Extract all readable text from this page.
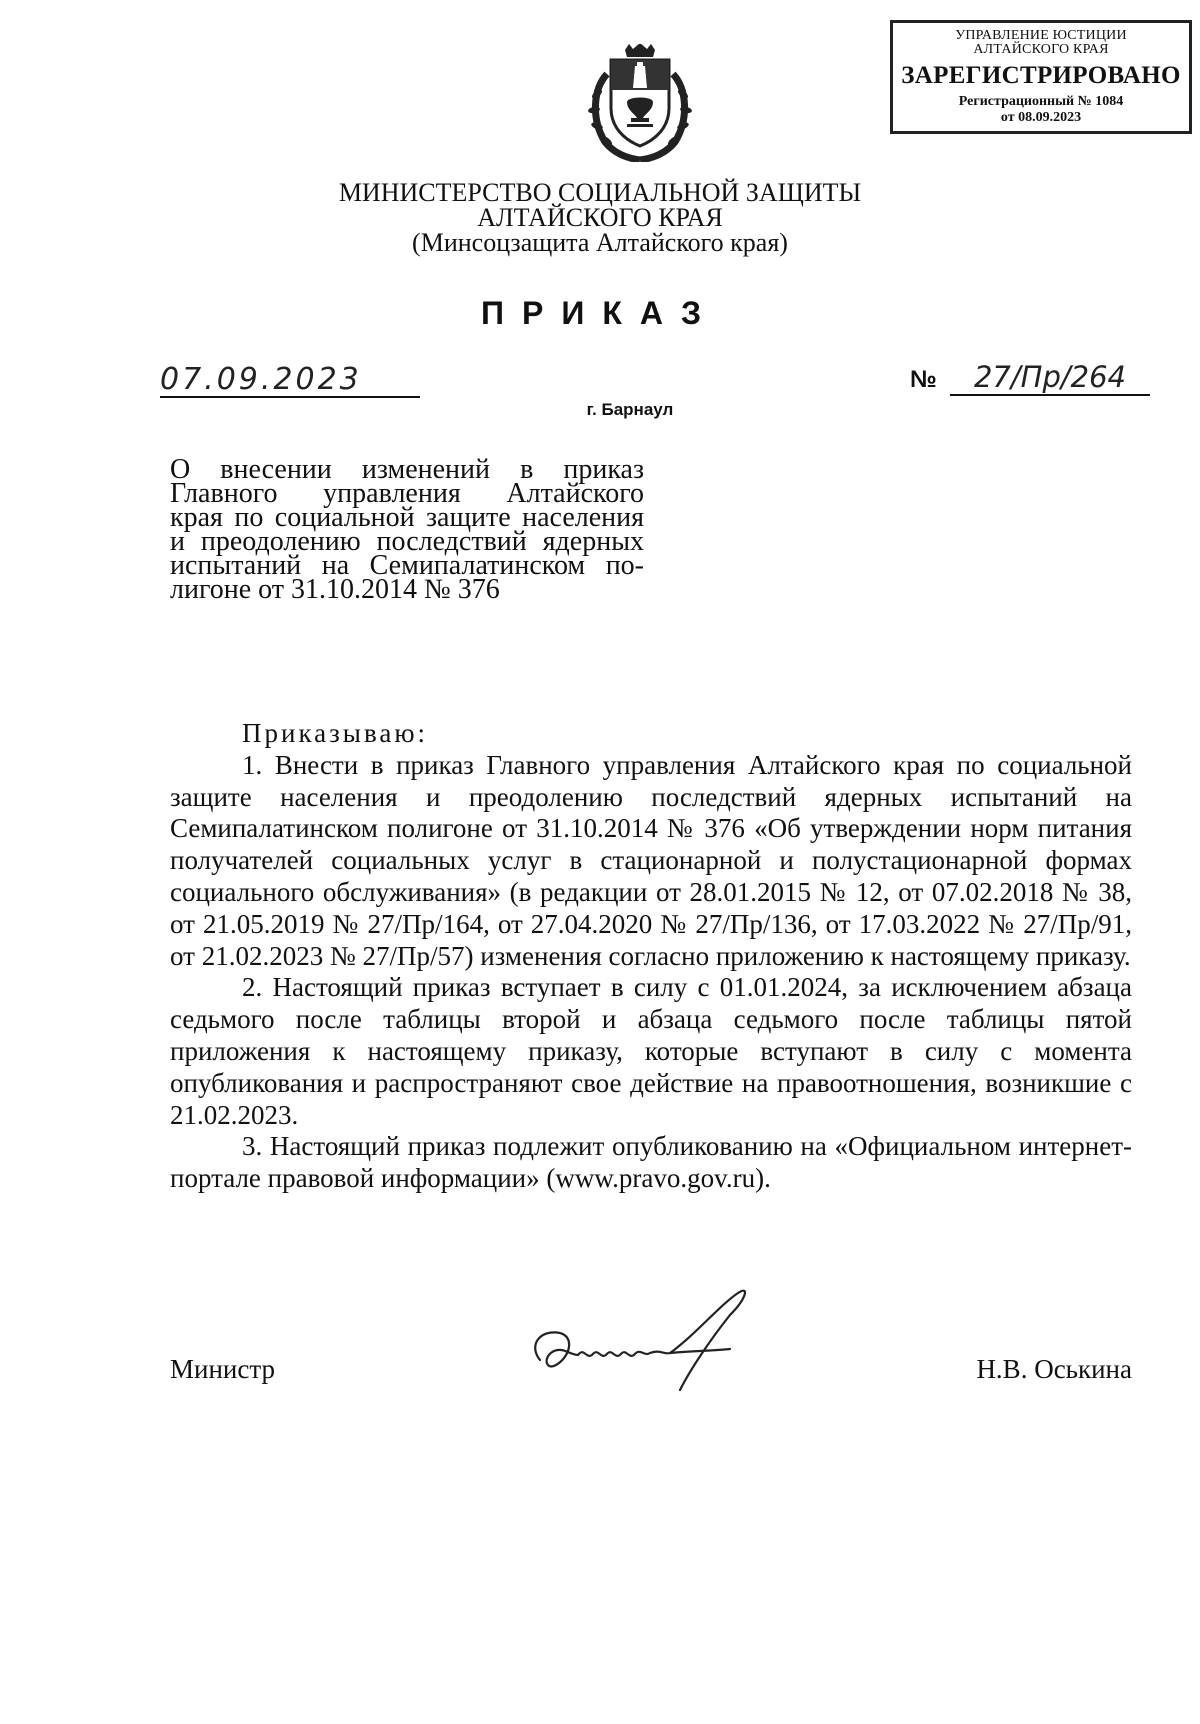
УПРАВЛЕНИЕ ЮСТИЦИИ
АЛТАЙСКОГО КРАЯ
ЗАРЕГИСТРИРОВАНО
Регистрационный № 1084
от 08.09.2023
МИНИСТЕРСТВО СОЦИАЛЬНОЙ ЗАЩИТЫ
АЛТАЙСКОГО КРАЯ
(Минсоцзащита Алтайского края)
ПРИКАЗ
07.09.2023	№	27/Пр/264
г. Барнаул
О внесении изменений в приказ
Главного управления Алтайского
края по социальной защите населения
и преодолению последствий ядерных
испытаний на Семипалатинском по-
лигоне от 31.10.2014 № 376
Приказываю:

1. Внести в приказ Главного управления Алтайского края по социальной защите населения и преодолению последствий ядерных испытаний на Семипалатинском полигоне от 31.10.2014 № 376 «Об утверждении норм питания получателей социальных услуг в стационарной и полустационарной формах социального обслуживания» (в редакции от 28.01.2015 № 12, от 07.02.2018 № 38, от 21.05.2019 № 27/Пр/164, от 27.04.2020 № 27/Пр/136, от 17.03.2022 № 27/Пр/91, от 21.02.2023 № 27/Пр/57) изменения согласно приложению к настоящему приказу.

2. Настоящий приказ вступает в силу с 01.01.2024, за исключением абзаца седьмого после таблицы второй и абзаца седьмого после таблицы пятой приложения к настоящему приказу, которые вступают в силу с момента опубликования и распространяют свое действие на правоотношения, возникшие с 21.02.2023.

3. Настоящий приказ подлежит опубликованию на «Официальном интернет-портале правовой информации» (www.pravo.gov.ru).

Министр	Н.В. Оськина
